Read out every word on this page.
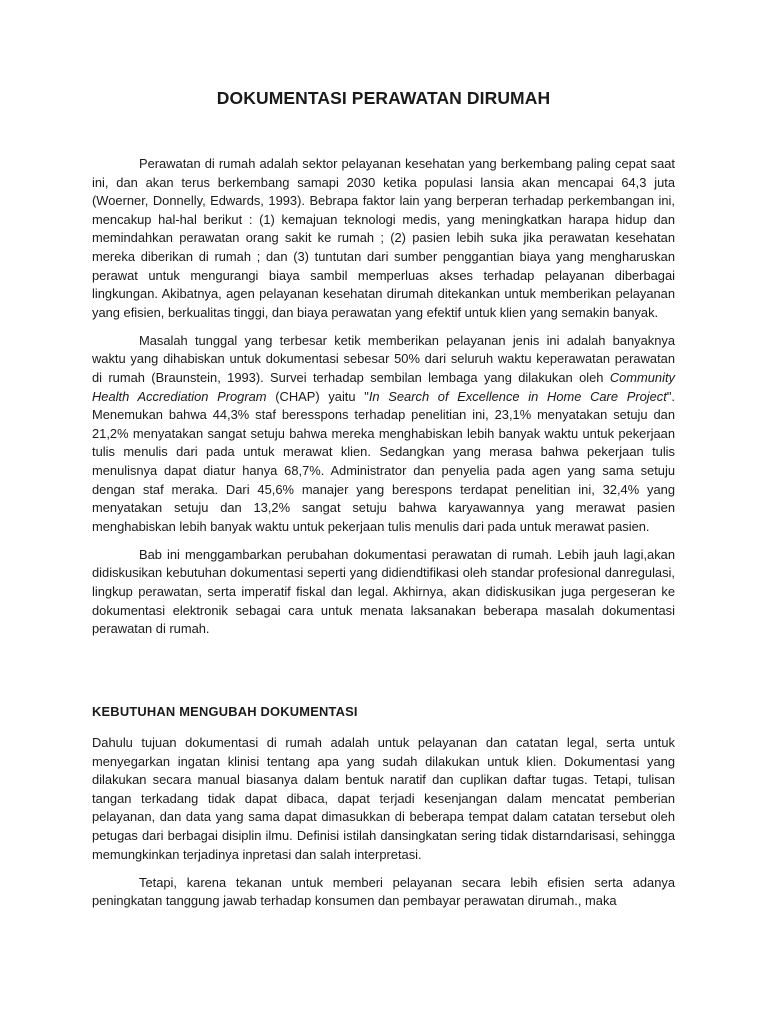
DOKUMENTASI PERAWATAN DIRUMAH

Perawatan di rumah adalah sektor pelayanan kesehatan yang berkembang paling cepat saat ini, dan akan terus berkembang samapi 2030 ketika populasi lansia akan mencapai 64,3 juta (Woerner, Donnelly, Edwards, 1993). Bebrapa faktor lain yang berperan terhadap perkembangan ini, mencakup hal-hal berikut : (1) kemajuan teknologi medis, yang meningkatkan harapa hidup dan memindahkan perawatan orang sakit ke rumah ; (2) pasien lebih suka jika perawatan kesehatan mereka diberikan di rumah ; dan (3) tuntutan dari sumber penggantian biaya yang mengharuskan perawat untuk mengurangi biaya sambil memperluas akses terhadap pelayanan diberbagai lingkungan. Akibatnya, agen pelayanan kesehatan dirumah ditekankan untuk memberikan pelayanan yang efisien, berkualitas tinggi, dan biaya perawatan yang efektif untuk klien yang semakin banyak.

Masalah tunggal yang terbesar ketik memberikan pelayanan jenis ini adalah banyaknya waktu yang dihabiskan untuk dokumentasi sebesar 50% dari seluruh waktu keperawatan perawatan di rumah (Braunstein, 1993). Survei terhadap sembilan lembaga yang dilakukan oleh Community Health Accrediation Program (CHAP) yaitu "In Search of Excellence in Home Care Project". Menemukan bahwa 44,3% staf beresspons terhadap penelitian ini, 23,1% menyatakan setuju dan 21,2% menyatakan sangat setuju bahwa mereka menghabiskan lebih banyak waktu untuk pekerjaan tulis menulis dari pada untuk merawat klien. Sedangkan yang merasa bahwa pekerjaan tulis menulisnya dapat diatur hanya 68,7%. Administrator dan penyelia pada agen yang sama setuju dengan staf meraka. Dari 45,6% manajer yang berespons terdapat penelitian ini, 32,4% yang menyatakan setuju dan 13,2% sangat setuju bahwa karyawannya yang merawat pasien menghabiskan lebih banyak waktu untuk pekerjaan tulis menulis dari pada untuk merawat pasien.

Bab ini menggambarkan perubahan dokumentasi perawatan di rumah. Lebih jauh lagi,akan didiskusikan kebutuhan dokumentasi seperti yang didiendtifikasi oleh standar profesional danregulasi, lingkup perawatan, serta imperatif fiskal dan legal. Akhirnya, akan didiskusikan juga pergeseran ke dokumentasi elektronik sebagai cara untuk menata laksanakan beberapa masalah dokumentasi perawatan di rumah.

KEBUTUHAN MENGUBAH DOKUMENTASI

Dahulu tujuan dokumentasi di rumah adalah untuk pelayanan dan catatan legal, serta untuk menyegarkan ingatan klinisi tentang apa yang sudah dilakukan untuk klien. Dokumentasi yang dilakukan secara manual biasanya dalam bentuk naratif dan cuplikan daftar tugas. Tetapi, tulisan tangan terkadang tidak dapat dibaca, dapat terjadi kesenjangan dalam mencatat pemberian pelayanan, dan data yang sama dapat dimasukkan di beberapa tempat dalam catatan tersebut oleh petugas dari berbagai disiplin ilmu. Definisi istilah dansingkatan sering tidak distarndarisasi, sehingga memungkinkan terjadinya inpretasi dan salah interpretasi.

Tetapi, karena tekanan untuk memberi pelayanan secara lebih efisien serta adanya peningkatan tanggung jawab terhadap konsumen dan pembayar perawatan dirumah., maka
